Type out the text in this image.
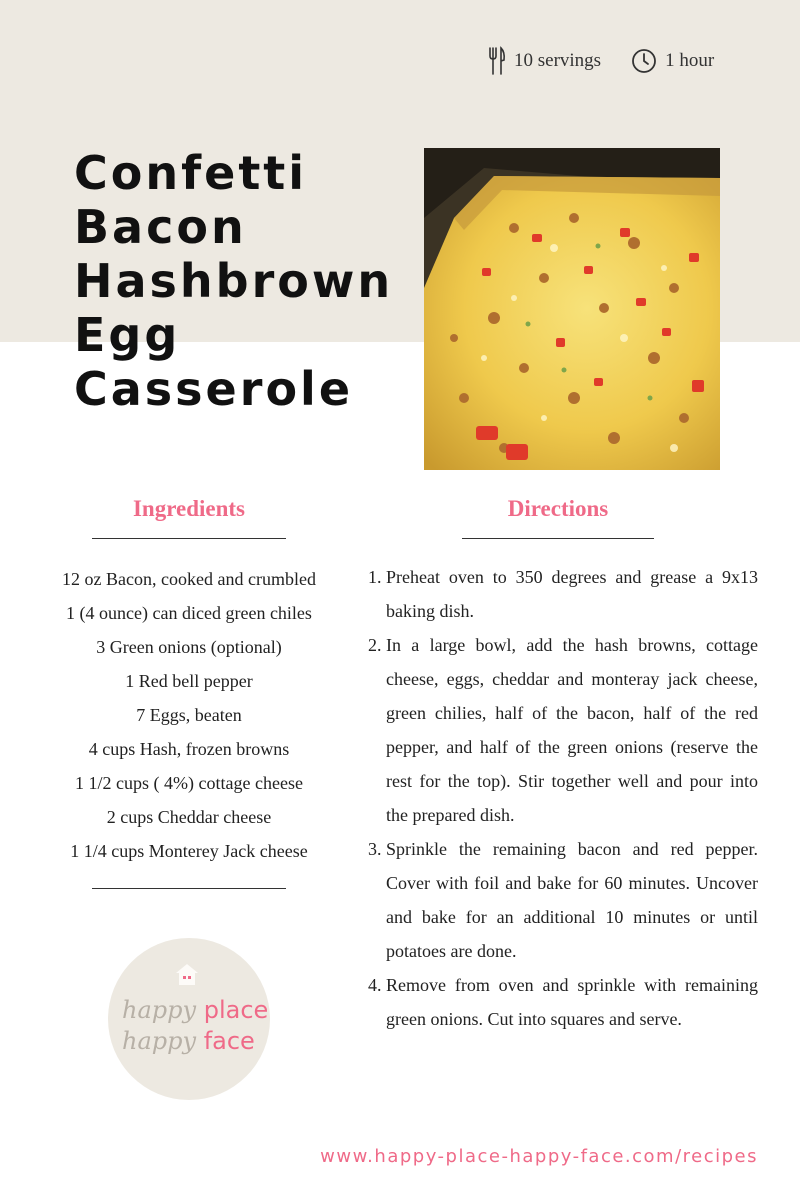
10 servings	1 hour
Confetti
Bacon
Hashbrown
Egg
Casserole
Ingredients
12 oz Bacon, cooked and crumbled
1 (4 ounce) can diced green chiles
3 Green onions (optional)
1 Red bell pepper
7 Eggs, beaten
4 cups Hash, frozen browns
1 1/2 cups ( 4%) cottage cheese
2 cups Cheddar cheese
1 1/4 cups Monterey Jack cheese
Directions
1. Preheat oven to 350 degrees and grease a 9x13 baking dish.
2. In a large bowl, add the hash browns, cottage cheese, eggs, cheddar and monteray jack cheese, green chilies, half of the bacon, half of the red pepper, and half of the green onions (reserve the rest for the top). Stir together well and pour into the prepared dish.
3. Sprinkle the remaining bacon and red pepper. Cover with foil and bake for 60 minutes. Uncover and bake for an additional 10 minutes or until potatoes are done.
4. Remove from oven and sprinkle with remaining green onions. Cut into squares and serve.
happy place
happy face
www.happy-place-happy-face.com/recipes
